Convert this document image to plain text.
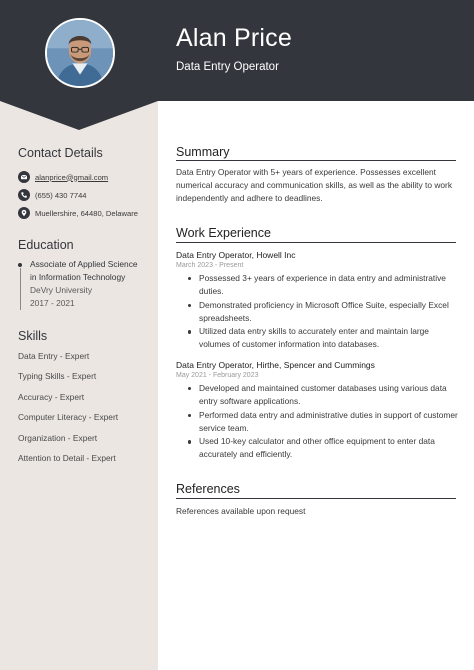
Alan Price
Data Entry Operator
Contact Details
alanprice@gmail.com
(655) 430 7744
Muellershire, 64480, Delaware
Education
Associate of Applied Science
in Information Technology
DeVry University
2017 - 2021
Skills
Data Entry - Expert
Typing Skills - Expert
Accuracy - Expert
Computer Literacy - Expert
Organization - Expert
Attention to Detail - Expert
Summary
Data Entry Operator with 5+ years of experience. Possesses excellent numerical accuracy and communication skills, as well as the ability to work independently and adhere to deadlines.
Work Experience
Data Entry Operator, Howell Inc
March 2023 - Present
Possessed 3+ years of experience in data entry and administrative duties.
Demonstrated proficiency in Microsoft Office Suite, especially Excel spreadsheets.
Utilized data entry skills to accurately enter and maintain large volumes of customer information into databases.
Data Entry Operator, Hirthe, Spencer and Cummings
May 2021 - February 2023
Developed and maintained customer databases using various data entry software applications.
Performed data entry and administrative duties in support of customer service team.
Used 10-key calculator and other office equipment to enter data accurately and efficiently.
References
References available upon request
